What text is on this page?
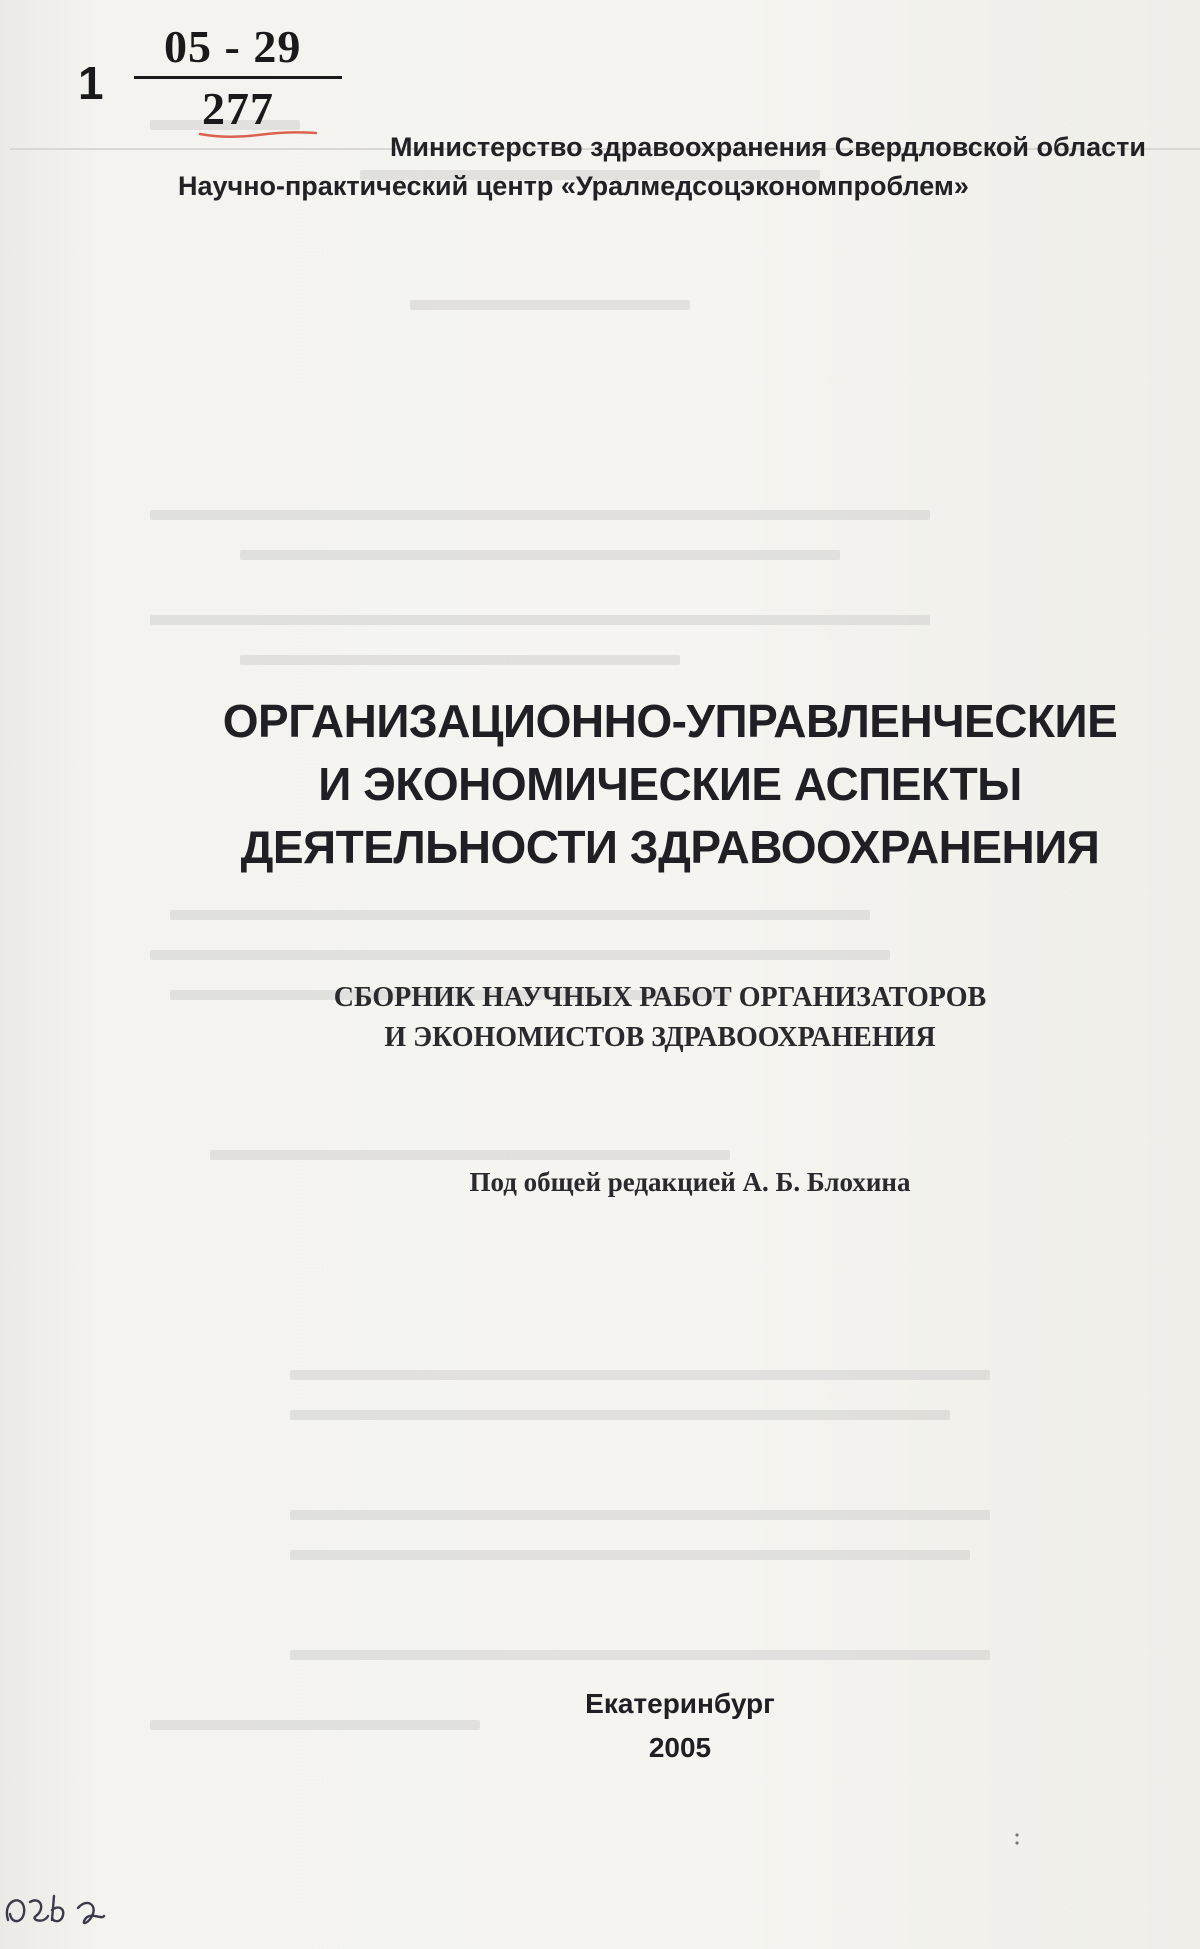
1
05 - 29
277
Министерство здравоохранения Свердловской области
Научно-практический центр «Уралмедсоцэкономпроблем»
ОРГАНИЗАЦИОННО-УПРАВЛЕНЧЕСКИЕ
И ЭКОНОМИЧЕСКИЕ АСПЕКТЫ
ДЕЯТЕЛЬНОСТИ ЗДРАВООХРАНЕНИЯ
СБОРНИК НАУЧНЫХ РАБОТ ОРГАНИЗАТОРОВ
И ЭКОНОМИСТОВ ЗДРАВООХРАНЕНИЯ
Под общей редакцией А. Б. Блохина
Екатеринбург
2005
